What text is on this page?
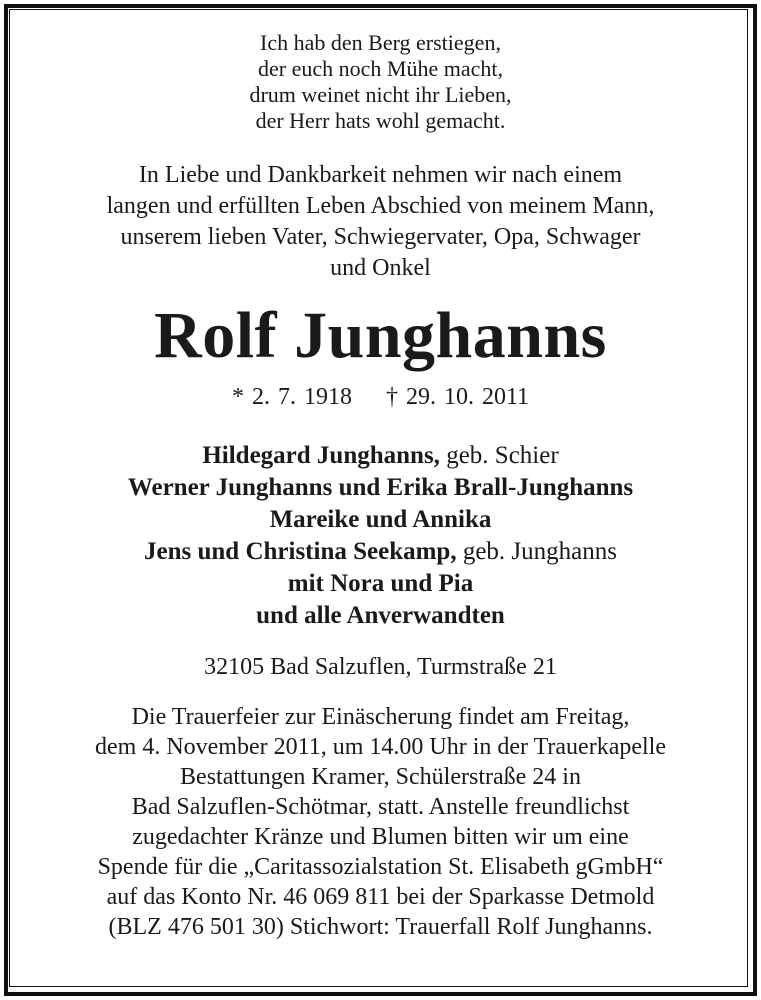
Ich hab den Berg erstiegen,
der euch noch Mühe macht,
drum weinet nicht ihr Lieben,
der Herr hats wohl gemacht.
In Liebe und Dankbarkeit nehmen wir nach einem
langen und erfüllten Leben Abschied von meinem Mann,
unserem lieben Vater, Schwiegervater, Opa, Schwager
und Onkel
Rolf Junghanns
* 2. 7. 1918 † 29. 10. 2011
Hildegard Junghanns, geb. Schier
Werner Junghanns und Erika Brall-Junghanns
Mareike und Annika
Jens und Christina Seekamp, geb. Junghanns
mit Nora und Pia
und alle Anverwandten
32105 Bad Salzuflen, Turmstraße 21
Die Trauerfeier zur Einäscherung findet am Freitag,
dem 4. November 2011, um 14.00 Uhr in der Trauerkapelle
Bestattungen Kramer, Schülerstraße 24 in
Bad Salzuflen-Schötmar, statt. Anstelle freundlichst
zugedachter Kränze und Blumen bitten wir um eine
Spende für die „Caritassozialstation St. Elisabeth gGmbH“
auf das Konto Nr. 46 069 811 bei der Sparkasse Detmold
(BLZ 476 501 30) Stichwort: Trauerfall Rolf Junghanns.
